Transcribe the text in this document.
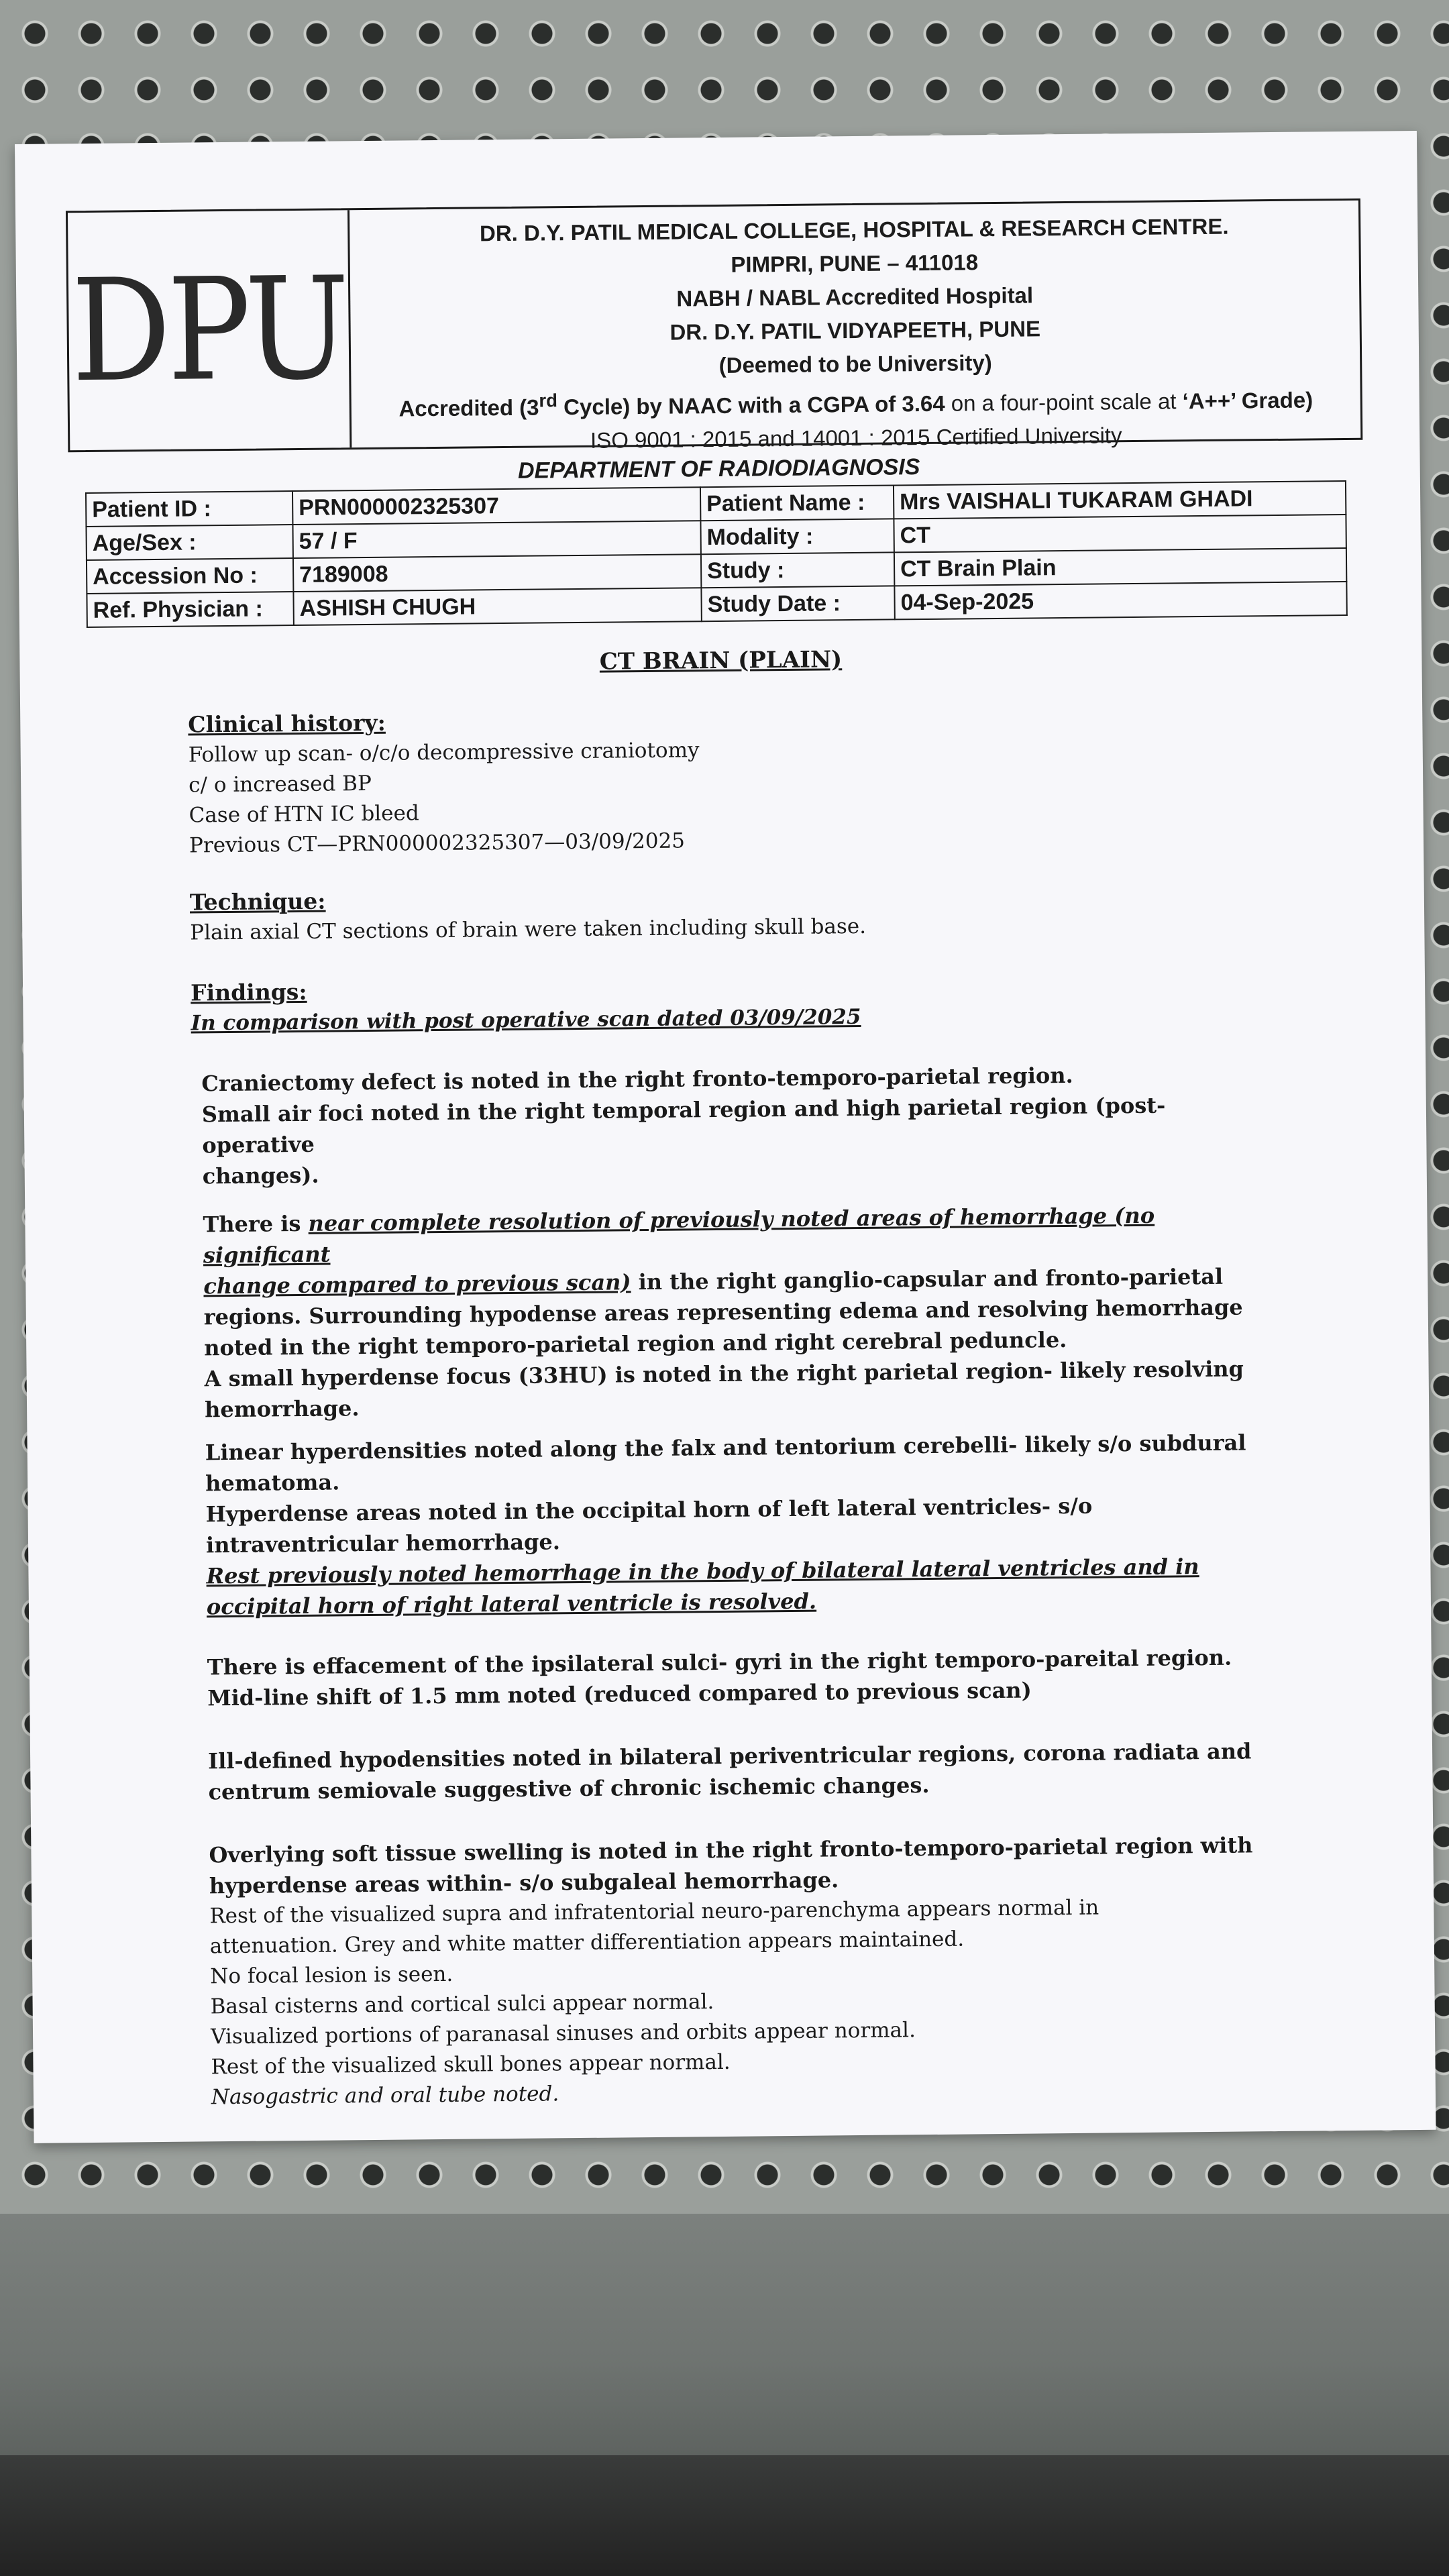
DPU
DR. D.Y. PATIL MEDICAL COLLEGE, HOSPITAL & RESEARCH CENTRE.
PIMPRI, PUNE – 411018
NABH / NABL Accredited Hospital
DR. D.Y. PATIL VIDYAPEETH, PUNE
(Deemed to be University)
Accredited (3rd Cycle) by NAAC with a CGPA of 3.64 on a four-point scale at ‘A++’ Grade)
ISO 9001 : 2015 and 14001 : 2015 Certified University
DEPARTMENT OF RADIODIAGNOSIS
Patient ID :	PRN000002325307	Patient Name :	Mrs VAISHALI TUKARAM GHADI
Age/Sex :	57 / F	Modality :	CT
Accession No :	7189008	Study :	CT Brain Plain
Ref. Physician :	ASHISH CHUGH	Study Date :	04-Sep-2025
CT BRAIN (PLAIN)
Clinical history:
Follow up scan- o/c/o decompressive craniotomy
c/ o increased BP
Case of HTN IC bleed
Previous CT—PRN000002325307—03/09/2025
Technique:
Plain axial CT sections of brain were taken including skull base.
Findings:
In comparison with post operative scan dated 03/09/2025
Craniectomy defect is noted in the right fronto-temporo-parietal region.
Small air foci noted in the right temporal region and high parietal region (post-operative
changes).
There is near complete resolution of previously noted areas of hemorrhage (no significant
change compared to previous scan) in the right ganglio-capsular and fronto-parietal
regions. Surrounding hypodense areas representing edema and resolving hemorrhage
noted in the right temporo-parietal region and right cerebral peduncle.
A small hyperdense focus (33HU) is noted in the right parietal region- likely resolving
hemorrhage.
Linear hyperdensities noted along the falx and tentorium cerebelli- likely s/o subdural
hematoma.
Hyperdense areas noted in the occipital horn of left lateral ventricles- s/o
intraventricular hemorrhage.
Rest previously noted hemorrhage in the body of bilateral lateral ventricles and in
occipital horn of right lateral ventricle is resolved.
There is effacement of the ipsilateral sulci- gyri in the right temporo-pareital region.
Mid-line shift of 1.5 mm noted (reduced compared to previous scan)
Ill-defined hypodensities noted in bilateral periventricular regions, corona radiata and
centrum semiovale suggestive of chronic ischemic changes.
Overlying soft tissue swelling is noted in the right fronto-temporo-parietal region with
hyperdense areas within- s/o subgaleal hemorrhage.
Rest of the visualized supra and infratentorial neuro-parenchyma appears normal in
attenuation. Grey and white matter differentiation appears maintained.
No focal lesion is seen.
Basal cisterns and cortical sulci appear normal.
Visualized portions of paranasal sinuses and orbits appear normal.
Rest of the visualized skull bones appear normal.
Nasogastric and oral tube noted.
